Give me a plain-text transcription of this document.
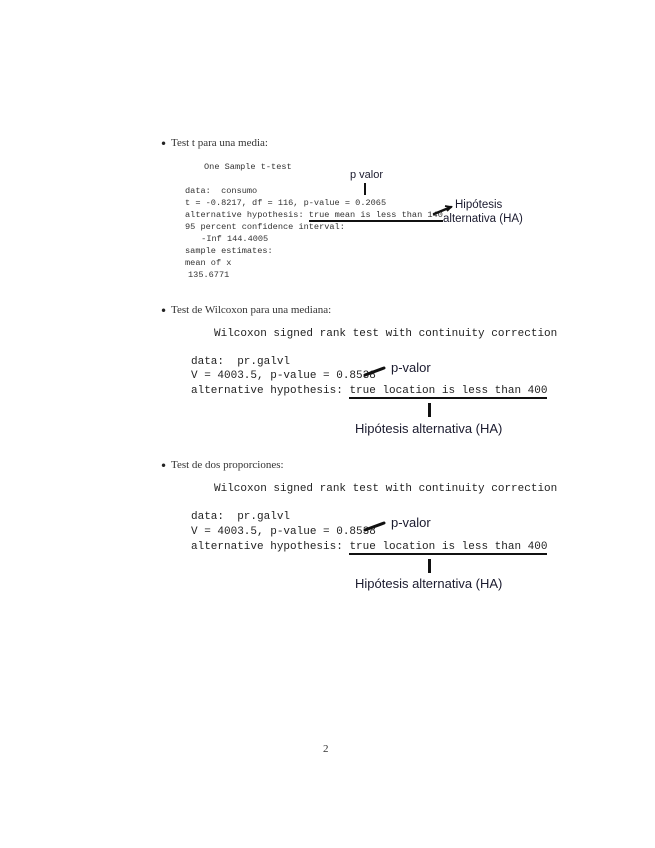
• Test t para una media:
One Sample t-test
data:  consumo
t = -0.8217, df = 116, p-value = 0.2065
alternative hypothesis: true mean is less than 140
95 percent confidence interval:
-Inf 144.4005
sample estimates:
mean of x
135.6771
p valor
Hipótesis
alternativa (HA)
• Test de Wilcoxon para una mediana:
Wilcoxon signed rank test with continuity correction
data:  pr.galvl
V = 4003.5, p-value = 0.8538
alternative hypothesis: true location is less than 400
p-valor
Hipótesis alternativa (HA)
• Test de dos proporciones:
Wilcoxon signed rank test with continuity correction
data:  pr.galvl
V = 4003.5, p-value = 0.8538
alternative hypothesis: true location is less than 400
p-valor
Hipótesis alternativa (HA)
2
